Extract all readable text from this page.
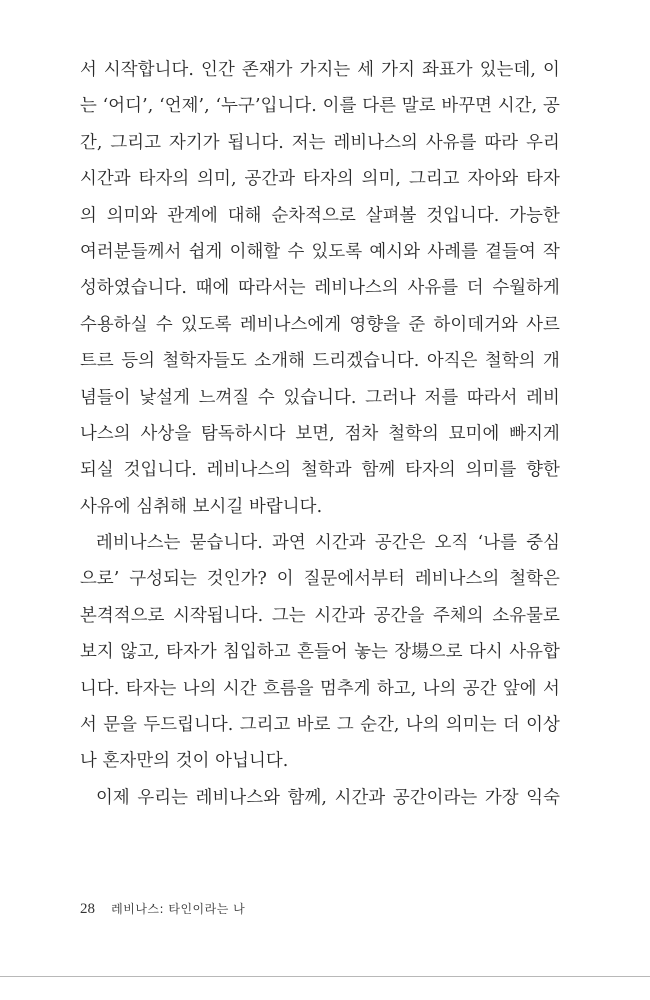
서 시작합니다. 인간 존재가 가지는 세 가지 좌표가 있는데, 이
는 ‘어디’, ‘언제’, ‘누구’입니다. 이를 다른 말로 바꾸면 시간, 공
간, 그리고 자기가 됩니다. 저는 레비나스의 사유를 따라 우리
시간과 타자의 의미, 공간과 타자의 의미, 그리고 자아와 타자
의 의미와 관계에 대해 순차적으로 살펴볼 것입니다. 가능한
여러분들께서 쉽게 이해할 수 있도록 예시와 사례를 곁들여 작
성하였습니다. 때에 따라서는 레비나스의 사유를 더 수월하게
수용하실 수 있도록 레비나스에게 영향을 준 하이데거와 사르
트르 등의 철학자들도 소개해 드리겠습니다. 아직은 철학의 개
념들이 낯설게 느껴질 수 있습니다. 그러나 저를 따라서 레비
나스의 사상을 탐독하시다 보면, 점차 철학의 묘미에 빠지게
되실 것입니다. 레비나스의 철학과 함께 타자의 의미를 향한
사유에 심취해 보시길 바랍니다.
레비나스는 묻습니다. 과연 시간과 공간은 오직 ‘나를 중심
으로’ 구성되는 것인가? 이 질문에서부터 레비나스의 철학은
본격적으로 시작됩니다. 그는 시간과 공간을 주체의 소유물로
보지 않고, 타자가 침입하고 흔들어 놓는 장場으로 다시 사유합
니다. 타자는 나의 시간 흐름을 멈추게 하고, 나의 공간 앞에 서
서 문을 두드립니다. 그리고 바로 그 순간, 나의 의미는 더 이상
나 혼자만의 것이 아닙니다.
이제 우리는 레비나스와 함께, 시간과 공간이라는 가장 익숙
28 레비나스: 타인이라는 나
